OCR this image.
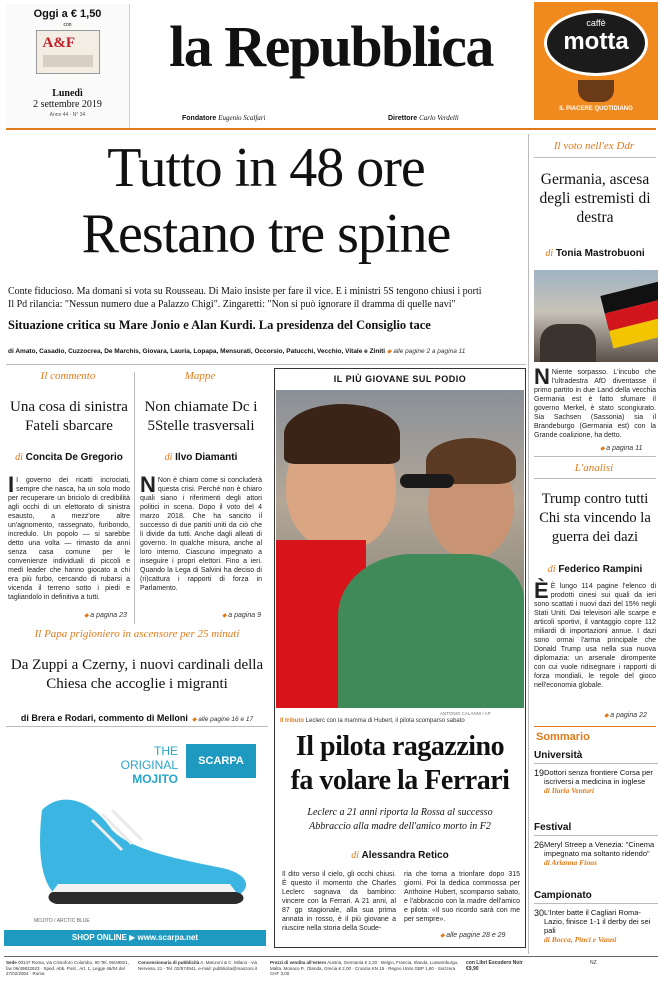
Oggi a € 1,50
con
A&F
Lunedì
2 settembre 2019
Anno 44 · N° 34
la Repubblica
Fondatore Eugenio Scalfari	Direttore Carlo Verdelli
caffè
motta
IL PIACERE QUOTIDIANO
Tutto in 48 ore
Restano tre spine
Conte fiducioso. Ma domani si vota su Rousseau. Di Maio insiste per fare il vice. E i ministri 5S tengono chiusi i porti
Il Pd rilancia: "Nessun numero due a Palazzo Chigi". Zingaretti: "Non si può ignorare il dramma di quelle navi"
Situazione critica su Mare Jonio e Alan Kurdi. La presidenza del Consiglio tace
di Amato, Casadio, Cuzzocrea, De Marchis, Giovara, Lauria, Lopapa, Mensurati, Occorsio, Patucchi, Vecchio, Vitale e Ziniti ◆ alle pagine 2 a pagina 11
Il voto nell'ex Ddr
Germania, ascesa degli estremisti di destra
di Tonia Mastrobuoni
N Niente sorpasso. L'incubo che l'ultradestra AfD diventasse il primo partito in due Land della vecchia Germania est è fatto sfumare il governo Merkel, è stato scongiurato. Sia Sachsen (Sassonia) sia il Brandeburgo (Germania est) con la Grande coalizione, ha detto.
◆ a pagina 11
Il commento
Una cosa di sinistra Fateli sbarcare
di Concita De Gregorio
I I governo dei ricatti incrociati, sempre che nasca, ha un solo modo per recuperare un briciolo di credibilità agli occhi di un elettorato di sinistra esausto, a mezz'ore altre un'agnomento, rassegnato, furibondo, incredulo. Un popolo — si sarebbe detto una volta — rimasto da anni senza casa comune per le convenienze individuali di piccoli e medi leader che hanno giocato a chi era più furbo, cercando di rubarsi a vicenda il terreno sotto i piedi e tagliandolo in definitiva a tutti.
◆ a pagina 23
Mappe
Non chiamate Dc i 5Stelle trasversali
di Ilvo Diamanti
N Non è chiaro come si concluderà questa crisi. Perché non è chiaro quali siano i riferimenti degli attori politici in scena. Dopo il voto del 4 marzo 2018. Che ha sancito il successo di due partiti uniti da ciò che li divide da tutti. Anche dagli alleati di governo. In qualche misura, anche al loro interno. Ciascuno impegnato a inseguire i propri elettori. Fino a ieri. Quando la Lega di Salvini ha deciso di (ri)cattura i rapporti di forza in Parlamento.
◆ a pagina 9
Il Papa prigioniero in ascensore per 25 minuti
Da Zuppi a Czerny, i nuovi cardinali della Chiesa che accoglie i migranti
di Brera e Rodari, commento di Melloni ◆ alle pagine 16 e 17
THE
ORIGINAL
MOJITO
SCARPA
MOJITO / ARCTIC BLUE
SHOP ONLINE ▶ www.scarpa.net
IL PIÙ GIOVANE SUL PODIO
ANTONIO CALANNI / AP
Il tributo Leclerc con la mamma di Hubert, il pilota scomparso sabato
Il pilota ragazzino
fa volare la Ferrari
Leclerc a 21 anni riporta la Rossa al successo
Abbraccio alla madre dell'amico morto in F2
di Alessandra Retico
Il dito verso il cielo, gli occhi chiusi. È questo il momento che Charles Leclerc sognava da bambino: vincere con la Ferrari. A 21 anni, al 87 gp stagionale, alla sua prima annata in rosso, è il più giovane a riuscire nella storia della Scude-
ria che torna a trionfare dopo 315 giorni. Poi la dedica commossa per Anthoine Hubert, scomparso sabato, e l'abbraccio con la madre dell'amico e pilota: «Il suo ricordo sarà con me per sempre».
◆ alle pagine 28 e 29
L'analisi
Trump contro tutti Chi sta vincendo la guerra dei dazi
di Federico Rampini
È È lungo 114 pagine l'elenco di prodotti cinesi sui quali da ieri sono scattati i nuovi dazi del 15% negli Stati Uniti. Dai televisori alle scarpe e articoli sportivi, il vantaggio copre 112 miliardi di importazioni annue. I dazi sono ormai l'arma principale che Donald Trump usa nella sua nuova diplomazia: un arsenale dirompente con cui vuole ridisegnare i rapporti di forza mondiali, le regole del gioco nell'economia globale.
◆ a pagina 22
Sommario
Università
19 Dottori senza frontiere Corsa per iscriversi a medicina in inglese
di Ilaria Venturi
Festival
26 Meryl Streep a Venezia: "Cinema impegnato ma soltanto ridendo"
di Arianna Finos
Campionato
30 L'Inter batte il Cagliari Roma-Lazio, finisce 1-1 il derby dei sei pali
di Bocca, Pinci e Vanni
Sede 00147 Roma, via Cristoforo Colombo, 90 Tel. 06/49821, fax 06/49822923 · Sped. Abb. Post., Art. 1, Legge 46/04 del 27/02/2004 · Roma
Concessionaria di pubblicità A. Manzoni & C. Milano - via Nervesa, 21 - Tel. 02/574941, e-mail: pubblicita@manzoni.it
Prezzi di vendita all'estero Austria, Germania € 2,20 · Belgio, Francia, Irlanda, Lussemburgo, Malta, Monaco P., Olanda, Grecia € 2,00 · Croazia KN 15 · Regno Unito GBP 1,80 · Svizzera CHF 3,00
con Libri Escudero Noir €9,90
NZ
